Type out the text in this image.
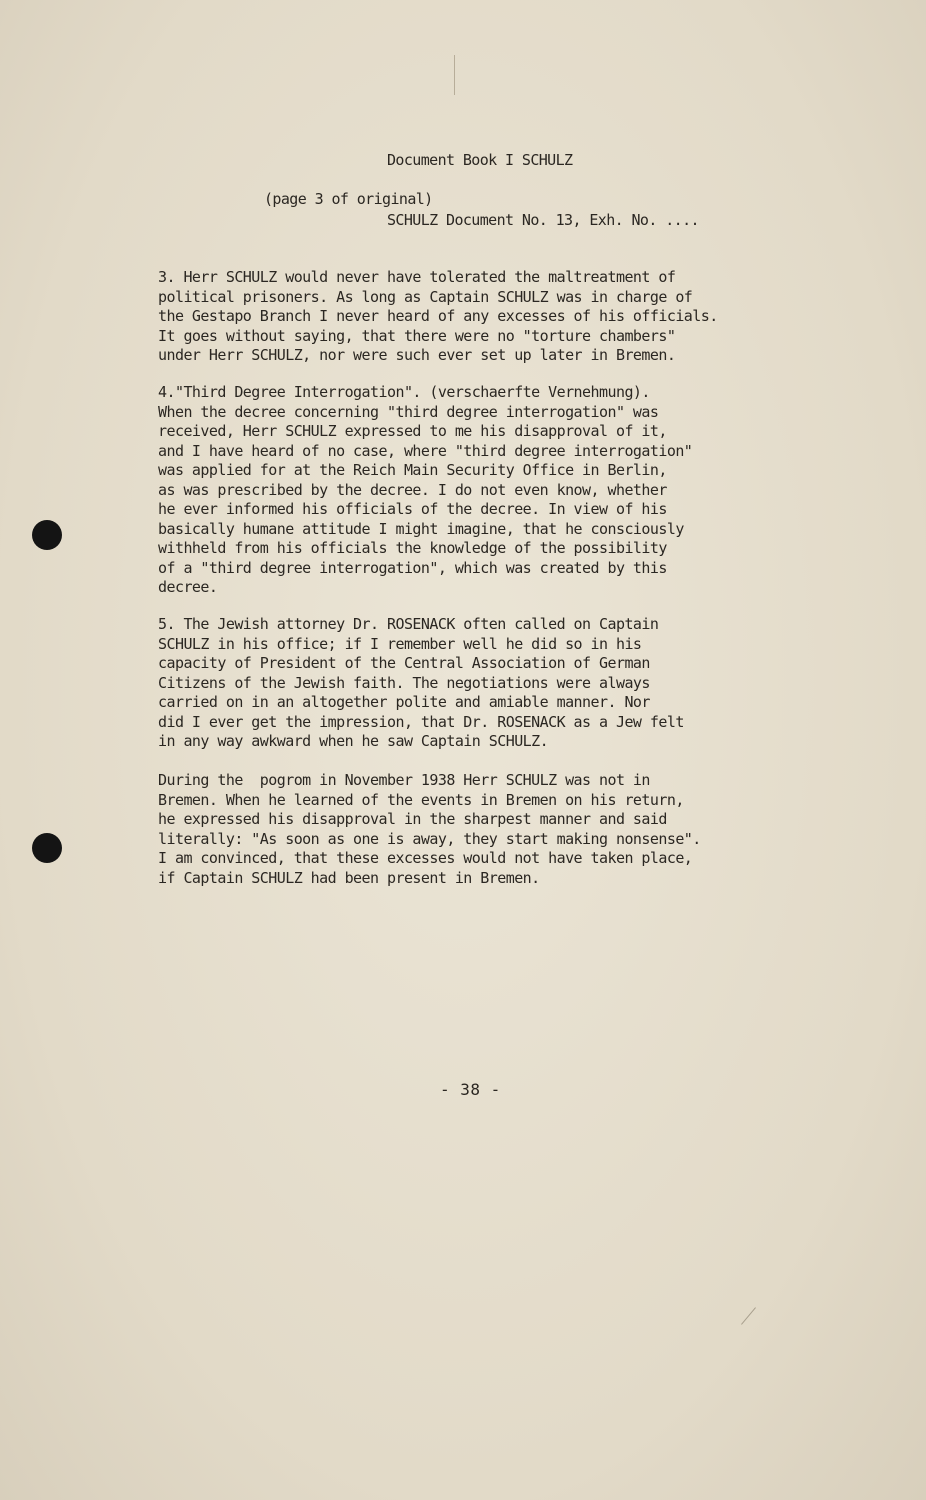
Document Book I SCHULZ

SCHULZ Document No. 13, Exh. No. ....

(page 3 of original)
3. Herr SCHULZ would never have tolerated the maltreatment of
political prisoners. As long as Captain SCHULZ was in charge of
the Gestapo Branch I never heard of any excesses of his officials.
It goes without saying, that there were no "torture chambers"
under Herr SCHULZ, nor were such ever set up later in Bremen.
4."Third Degree Interrogation". (verschaerfte Vernehmung).
When the decree concerning "third degree interrogation" was
received, Herr SCHULZ expressed to me his disapproval of it,
and I have heard of no case, where "third degree interrogation"
was applied for at the Reich Main Security Office in Berlin,
as was prescribed by the decree. I do not even know, whether
he ever informed his officials of the decree. In view of his
basically humane attitude I might imagine, that he consciously
withheld from his officials the knowledge of the possibility
of a "third degree interrogation", which was created by this
decree.
5. The Jewish attorney Dr. ROSENACK often called on Captain
SCHULZ in his office; if I remember well he did so in his
capacity of President of the Central Association of German
Citizens of the Jewish faith. The negotiations were always
carried on in an altogether polite and amiable manner. Nor
did I ever get the impression, that Dr. ROSENACK as a Jew felt
in any way awkward when he saw Captain SCHULZ.
During the  pogrom in November 1938 Herr SCHULZ was not in
Bremen. When he learned of the events in Bremen on his return,
he expressed his disapproval in the sharpest manner and said
literally: "As soon as one is away, they start making nonsense".
I am convinced, that these excesses would not have taken place,
if Captain SCHULZ had been present in Bremen.
- 38 -
